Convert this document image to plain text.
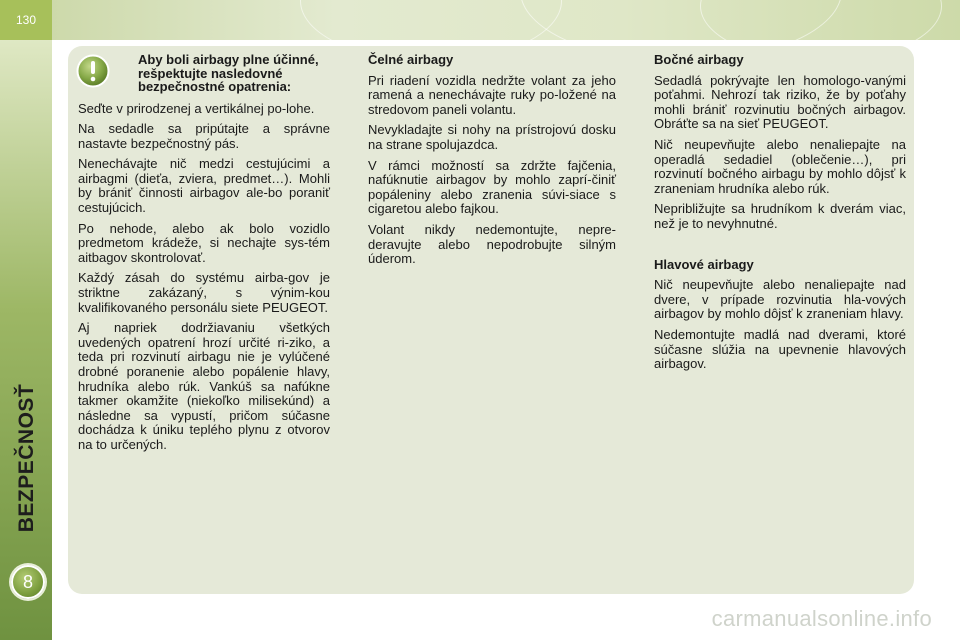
130
BEZPEČNOSŤ
8
Aby boli airbagy plne účinné, rešpektujte nasledovné bezpečnostné opatrenia:

Seďte v prirodzenej a vertikálnej po-lohe.

Na sedadle sa pripútajte a správne nastavte bezpečnostný pás.

Nenechávajte nič medzi cestujúcimi a airbagmi (dieťa, zviera, predmet…). Mohli by brániť činnosti airbagov ale-bo poraniť cestujúcich.

Po nehode, alebo ak bolo vozidlo predmetom krádeže, si nechajte sys-tém aitbagov skontrolovať.

Každý zásah do systému airba-gov je striktne zakázaný, s výnim-kou kvalifikovaného personálu siete PEUGEOT.

Aj napriek dodržiavaniu všetkých uvedených opatrení hrozí určité ri-ziko, a teda pri rozvinutí airbagu nie je vylúčené drobné poranenie alebo popálenie hlavy, hrudníka alebo rúk. Vankúš sa nafúkne takmer okamžite (niekoľko milisekúnd) a následne sa vypustí, pričom súčasne dochádza k úniku teplého plynu z otvorov na to určených.

Čelné airbagy

Pri riadení vozidla nedržte volant za jeho ramená a nenechávajte ruky po-ložené na stredovom paneli volantu.

Nevykladajte si nohy na prístrojovú dosku na strane spolujazdca.

V rámci možností sa zdržte fajčenia, nafúknutie airbagov by mohlo zaprí-činiť popáleniny alebo zranenia súvi-siace s cigaretou alebo fajkou.

Volant nikdy nedemontujte, nepre-deravujte alebo nepodrobujte silným úderom.

Bočné airbagy

Sedadlá pokrývajte len homologo-vanými poťahmi. Nehrozí tak riziko, že by poťahy mohli brániť rozvinutiu bočných airbagov. Obráťte sa na sieť PEUGEOT.

Nič neupevňujte alebo nenaliepajte na operadlá sedadiel (oblečenie…), pri rozvinutí bočného airbagu by mohlo dôjsť k zraneniam hrudníka alebo rúk.

Nepribližujte sa hrudníkom k dverám viac, než je to nevyhnutné.

Hlavové airbagy

Nič neupevňujte alebo nenaliepajte nad dvere, v prípade rozvinutia hla-vových airbagov by mohlo dôjsť k zraneniam hlavy.

Nedemontujte madlá nad dverami, ktoré súčasne slúžia na upevnenie hlavových airbagov.

carmanualsonline.info
